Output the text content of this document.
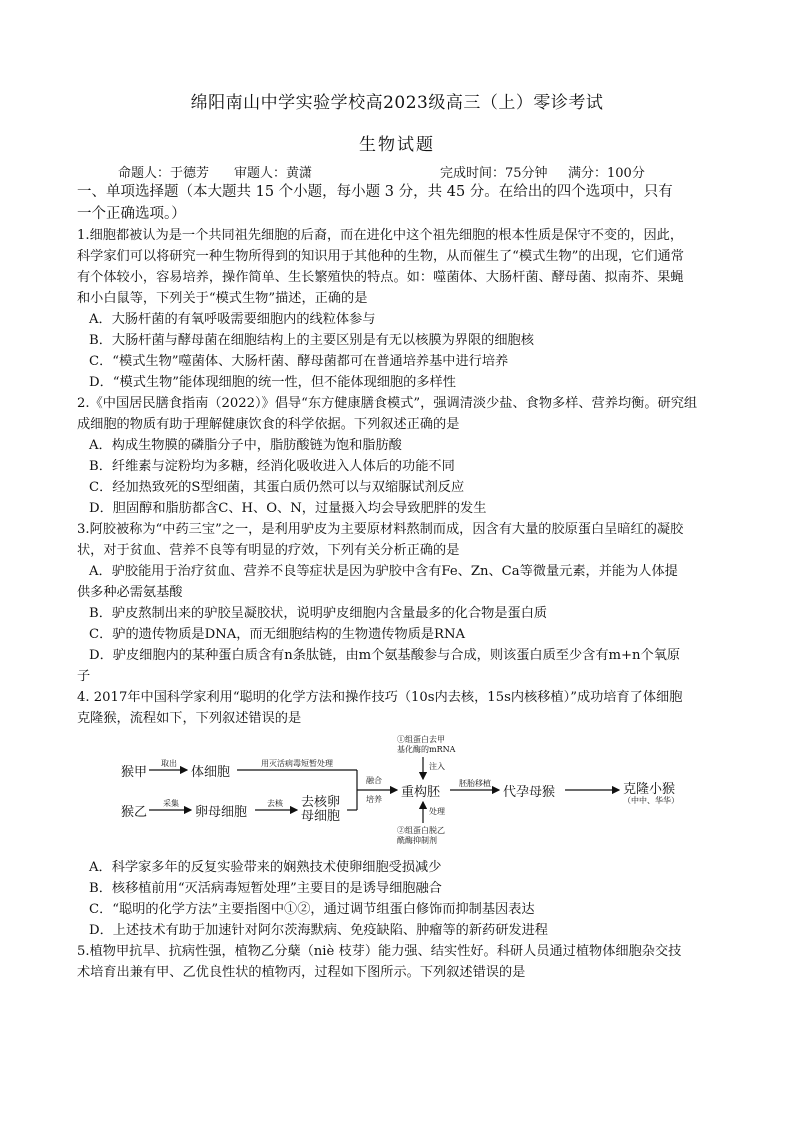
绵阳南山中学实验学校高2023级高三（上）零诊考试
生物试题
命题人：于德芳 审题人：黄潇	完成时间：75分钟 满分：100分

一、单项选择题（本大题共 15 个小题，每小题 3 分，共 45 分。在给出的四个选项中，只有

一个正确选项。）

1.细胞都被认为是一个共同祖先细胞的后裔，而在进化中这个祖先细胞的根本性质是保守不变的，因此，

科学家们可以将研究一种生物所得到的知识用于其他种的生物，从而催生了“模式生物”的出现，它们通常

有个体较小，容易培养，操作简单、生长繁殖快的特点。如：噬菌体、大肠杆菌、酵母菌、拟南芥、果蝇

和小白鼠等，下列关于“模式生物”描述，正确的是

A．大肠杆菌的有氧呼吸需要细胞内的线粒体参与

B．大肠杆菌与酵母菌在细胞结构上的主要区别是有无以核膜为界限的细胞核

C．“模式生物”噬菌体、大肠杆菌、酵母菌都可在普通培养基中进行培养

D．“模式生物”能体现细胞的统一性，但不能体现细胞的多样性

2.《中国居民膳食指南（2022）》倡导“东方健康膳食模式”，强调清淡少盐、食物多样、营养均衡。研究组

成细胞的物质有助于理解健康饮食的科学依据。下列叙述正确的是

A．构成生物膜的磷脂分子中，脂肪酸链为饱和脂肪酸

B．纤维素与淀粉均为多糖，经消化吸收进入人体后的功能不同

C．经加热致死的S型细菌，其蛋白质仍然可以与双缩脲试剂反应

D．胆固醇和脂肪都含C、H、O、N，过量摄入均会导致肥胖的发生

3.阿胶被称为“中药三宝”之一，是利用驴皮为主要原材料熬制而成，因含有大量的胶原蛋白呈暗红的凝胶

状，对于贫血、营养不良等有明显的疗效，下列有关分析正确的是

A．驴胶能用于治疗贫血、营养不良等症状是因为驴胶中含有Fe、Zn、Ca等微量元素，并能为人体提

供多种必需氨基酸

B．驴皮熬制出来的驴胶呈凝胶状，说明驴皮细胞内含量最多的化合物是蛋白质

C．驴的遗传物质是DNA，而无细胞结构的生物遗传物质是RNA

D．驴皮细胞内的某种蛋白质含有n条肽链，由m个氨基酸参与合成，则该蛋白质至少含有m+n个氧原

子

4. 2017年中国科学家利用“聪明的化学方法和操作技巧（10s内去核，15s内核移植）”成功培育了体细胞

克隆猴，流程如下，下列叙述错误的是

猴甲
取出
体细胞
用灭活病毒短暂处理
猴乙
采集
卵母细胞
去核 去核卵
母细胞
融合
培养 重构胚
胚胎移植
代孕母猴	克隆小猴
（中中、华华）
①组蛋白去甲
基化酶的mRNA
注入
处理
②组蛋白脱乙
酰酶抑制剂

A．科学家多年的反复实验带来的娴熟技术使卵细胞受损减少

B．核移植前用“灭活病毒短暂处理”主要目的是诱导细胞融合

C．“聪明的化学方法”主要指图中①②，通过调节组蛋白修饰而抑制基因表达

D．上述技术有助于加速针对阿尔茨海默病、免疫缺陷、肿瘤等的新药研发进程

5.植物甲抗旱、抗病性强，植物乙分蘖（niè 枝芽）能力强、结实性好。科研人员通过植物体细胞杂交技

术培育出兼有甲、乙优良性状的植物丙，过程如下图所示。下列叙述错误的是
